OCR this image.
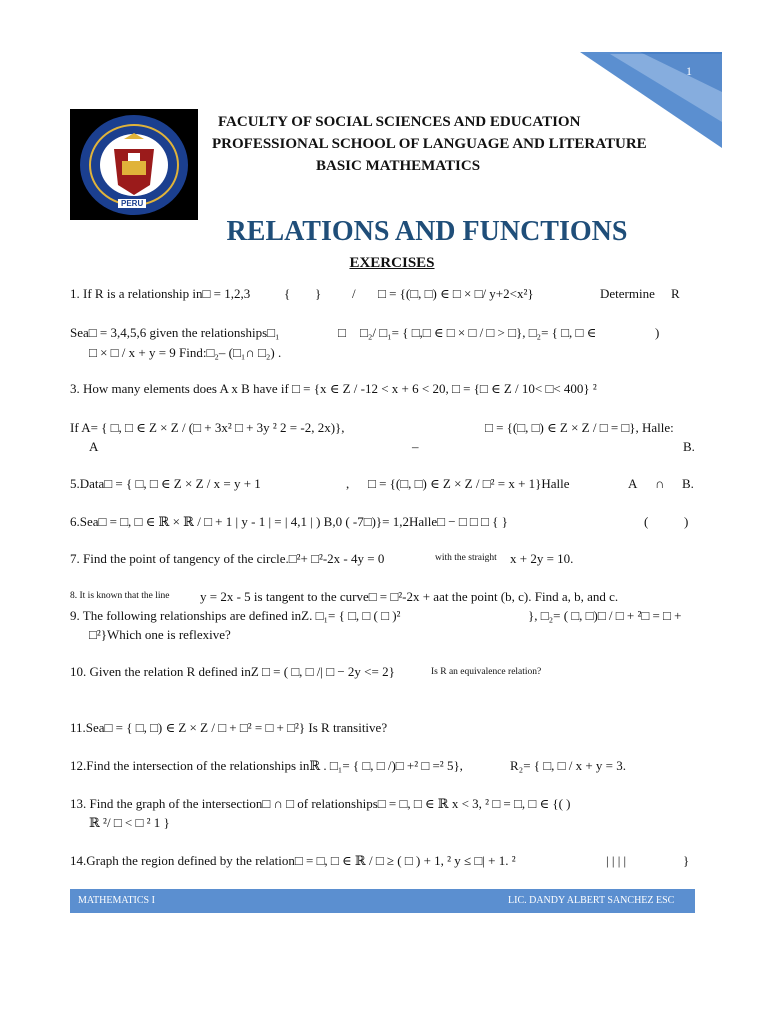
1
PERU
FACULTY OF SOCIAL SCIENCES AND EDUCATION
PROFESSIONAL SCHOOL OF LANGUAGE AND LITERATURE
BASIC MATHEMATICS
RELATIONS AND FUNCTIONS
EXERCISES
1. If R is a relationship in□ = 1,2,3	{ } / □ = {(□, □) ∈ □ × □/ y+2<x²}	Determine R
Sea□ = 3,4,5,6 given the relationships□₁	□ □₂/ □₁= { □,□ ∈ □ × □ / □ > □}, □₂= { □, □ ∈	)
□ × □ / x + y = 9 Find:□₂– (□₁∩ □₂) .
3. How many elements does A x B have if □ = {x ∈ Z / -12 < x + 6 < 20, □ = {□ ∈ Z / 10< □< 400} ²
If A= { □, □ ∈ Z × Z / (□ + 3x² □ + 3y ² 2 = -2, 2x)},	□ = {(□, □) ∈ Z × Z / □ = □}, Halle:
A	–	B.
5.Data□ = { □, □ ∈ Z × Z / x = y + 1	, □ = {(□, □) ∈ Z × Z / □² = x + 1}Halle	A ∩ B.
6.Sea□ = □, □ ∈ ℝ × ℝ / □ + 1 | y - 1 | = | 4,1 | ) B,0 ( -7□)}= 1,2Halle□ − □ □ □ { }	(	)
7. Find the point of tangency of the circle.□²+ □²-2x - 4y = 0	with the straight x + 2y = 10.
8. It is known that the line y = 2x - 5 is tangent to the curve□ = □²-2x + aat the point (b, c). Find a, b, and c.
9. The following relationships are defined inZ. □₁= { □, □ ( □ )²	}, □₂= ( □, □)□ / □ + ²□ = □ +
□²}Which one is reflexive?
10. Given the relation R defined inZ □ = ( □, □ /| □ − 2y <= 2}	Is R an equivalence relation?
11.Sea□ = { □, □) ∈ Z × Z / □ + □² = □ + □²} Is R transitive?
12.Find the intersection of the relationships inℝ . □₁= { □, □ /)□ +² □ =² 5},	R₂= { □, □ / x + y = 3.
13. Find the graph of the intersection□ ∩ □ of relationships□ = □, □ ∈ ℝ x < 3, ² □ = □, □ ∈ {( )
ℝ ²/ □ < □ ² 1 }
14.Graph the region defined by the relation□ = □, □ ∈ ℝ / □ ≥ ( □ ) + 1, ² y ≤ □| + 1. ²	| | | |	}
MATHEMATICS I	LIC. DANDY ALBERT SANCHEZ ESC
